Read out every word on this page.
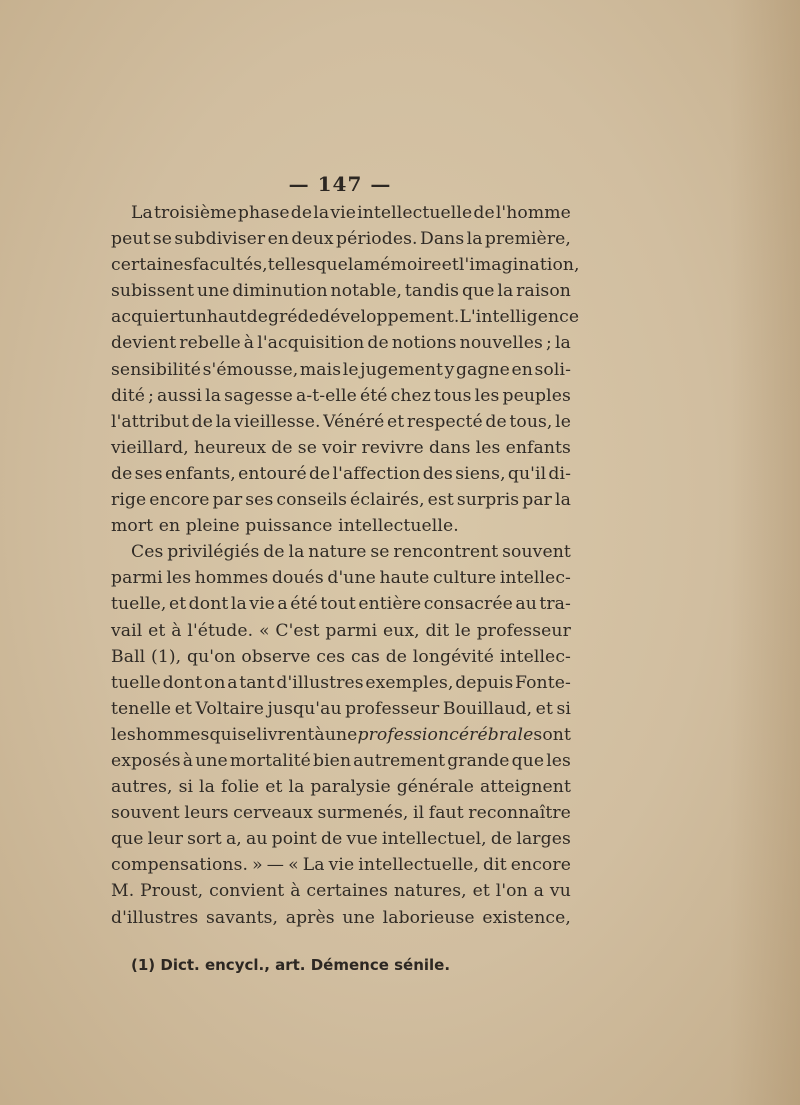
— 147 —
La troisième phase de la vie intellectuelle de l'homme
peut se subdiviser en deux périodes. Dans la première,
certaines facultés,telles que la mémoire et l'imagination,
subissent une diminution notable, tandis que la raison
acquiert un haut degré de développement. L'intelligence
devient rebelle à l'acquisition de notions nouvelles ; la
sensibilité s'émousse, mais le jugement y gagne en soli-
dité ; aussi la sagesse a-t-elle été chez tous les peuples
l'attribut de la vieillesse. Vénéré et respecté de tous, le
vieillard, heureux de se voir revivre dans les enfants
de ses enfants, entouré de l'affection des siens, qu'il di-
rige encore par ses conseils éclairés, est surpris par la
mort en pleine puissance intellectuelle.
Ces privilégiés de la nature se rencontrent souvent
parmi les hommes doués d'une haute culture intellec-
tuelle, et dont la vie a été tout entière consacrée au tra-
vail et à l'étude. « C'est parmi eux, dit le professeur
Ball (1), qu'on observe ces cas de longévité intellec-
tuelle dont on a tant d'illustres exemples, depuis Fonte-
tenelle et Voltaire jusqu'au professeur Bouillaud, et si
les hommes qui se livrent à une profession cérébrale sont
exposés à une mortalité bien autrement grande que les
autres, si la folie et la paralysie générale atteignent
souvent leurs cerveaux surmenés, il faut reconnaître
que leur sort a, au point de vue intellectuel, de larges
compensations. » — « La vie intellectuelle, dit encore
M. Proust, convient à certaines natures, et l'on a vu
d'illustres savants, après une laborieuse existence,
(1) Dict. encycl., art. Démence sénile.
